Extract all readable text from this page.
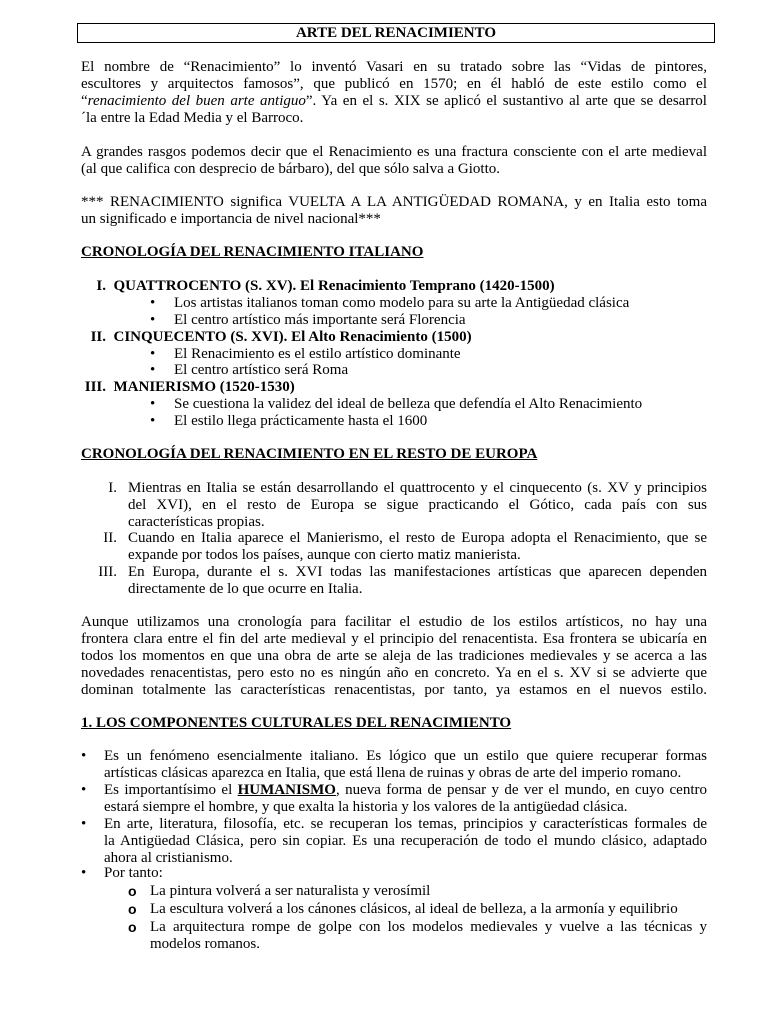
ARTE DEL RENACIMIENTO
El nombre de “Renacimiento” lo inventó Vasari en su tratado sobre las “Vidas de pintores,
escultores y arquitectos famosos”, que publicó en 1570; en él habló de este estilo como el
“renacimiento del buen arte antiguo”. Ya en el s. XIX se aplicó el sustantivo al arte que se desarrol
´la entre la Edad Media y el Barroco.
A grandes rasgos podemos decir que el Renacimiento es una fractura consciente con el arte medieval
(al que califica con desprecio de bárbaro), del que sólo salva a Giotto.
*** RENACIMIENTO significa VUELTA A LA ANTIGÜEDAD ROMANA, y en Italia esto toma
un significado e importancia de nivel nacional***
CRONOLOGÍA DEL RENACIMIENTO ITALIANO
I. QUATTROCENTO (S. XV). El Renacimiento Temprano (1420-1500)
• Los artistas italianos toman como modelo para su arte la Antigüedad clásica
• El centro artístico más importante será Florencia
II. CINQUECENTO (S. XVI). El Alto Renacimiento (1500)
• El Renacimiento es el estilo artístico dominante
• El centro artístico será Roma
III. MANIERISMO (1520-1530)
• Se cuestiona la validez del ideal de belleza que defendía el Alto Renacimiento
• El estilo llega prácticamente hasta el 1600
CRONOLOGÍA DEL RENACIMIENTO EN EL RESTO DE EUROPA
I. Mientras en Italia se están desarrollando el quattrocento y el cinquecento (s. XV y principios
del XVI), en el resto de Europa se sigue practicando el Gótico, cada país con sus
características propias.
II. Cuando en Italia aparece el Manierismo, el resto de Europa adopta el Renacimiento, que se
expande por todos los países, aunque con cierto matiz manierista.
III. En Europa, durante el s. XVI todas las manifestaciones artísticas que aparecen dependen
directamente de lo que ocurre en Italia.
Aunque utilizamos una cronología para facilitar el estudio de los estilos artísticos, no hay una
frontera clara entre el fin del arte medieval y el principio del renacentista. Esa frontera se ubicaría en
todos los momentos en que una obra de arte se aleja de las tradiciones medievales y se acerca a las
novedades renacentistas, pero esto no es ningún año en concreto. Ya en el s. XV si se advierte que
dominan totalmente las características renacentistas, por tanto, ya estamos en el nuevos estilo.
1. LOS COMPONENTES CULTURALES DEL RENACIMIENTO
• Es un fenómeno esencialmente italiano. Es lógico que un estilo que quiere recuperar formas
artísticas clásicas aparezca en Italia, que está llena de ruinas y obras de arte del imperio romano.
• Es importantísimo el HUMANISMO, nueva forma de pensar y de ver el mundo, en cuyo centro
estará siempre el hombre, y que exalta la historia y los valores de la antigüedad clásica.
• En arte, literatura, filosofía, etc. se recuperan los temas, principios y características formales de
la Antigüedad Clásica, pero sin copiar. Es una recuperación de todo el mundo clásico, adaptado
ahora al cristianismo.
• Por tanto:
o La pintura volverá a ser naturalista y verosímil
o La escultura volverá a los cánones clásicos, al ideal de belleza, a la armonía y equilibrio
o La arquitectura rompe de golpe con los modelos medievales y vuelve a las técnicas y
modelos romanos.
